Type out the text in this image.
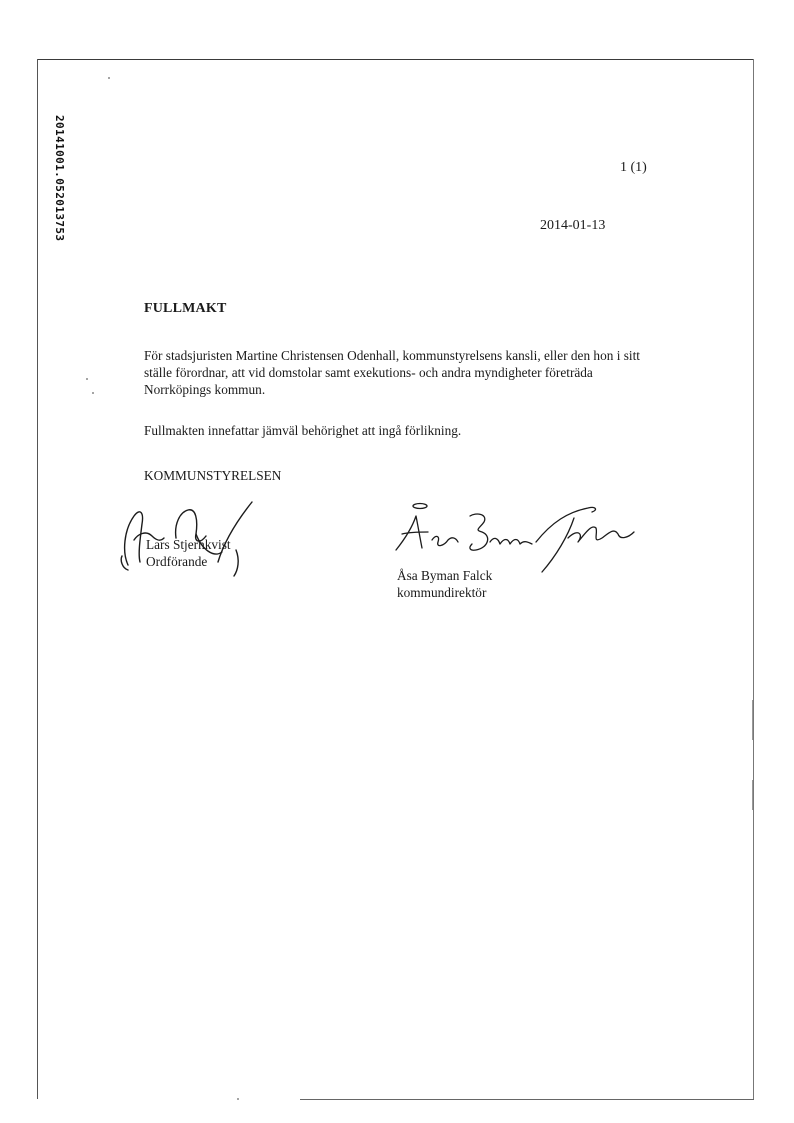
20141001.052013753	1 (1)
2014-01-13
FULLMAKT

För stadsjuristen Martine Christensen Odenhall, kommunstyrelsens kansli, eller den hon i sitt ställe förordnar, att vid domstolar samt exekutions- och andra myndigheter företräda Norrköpings kommun.

Fullmakten innefattar jämväl behörighet att ingå förlikning.

KOMMUNSTYRELSEN
Lars Stjernkvist
Ordförande
Åsa Byman Falck
kommundirektör
